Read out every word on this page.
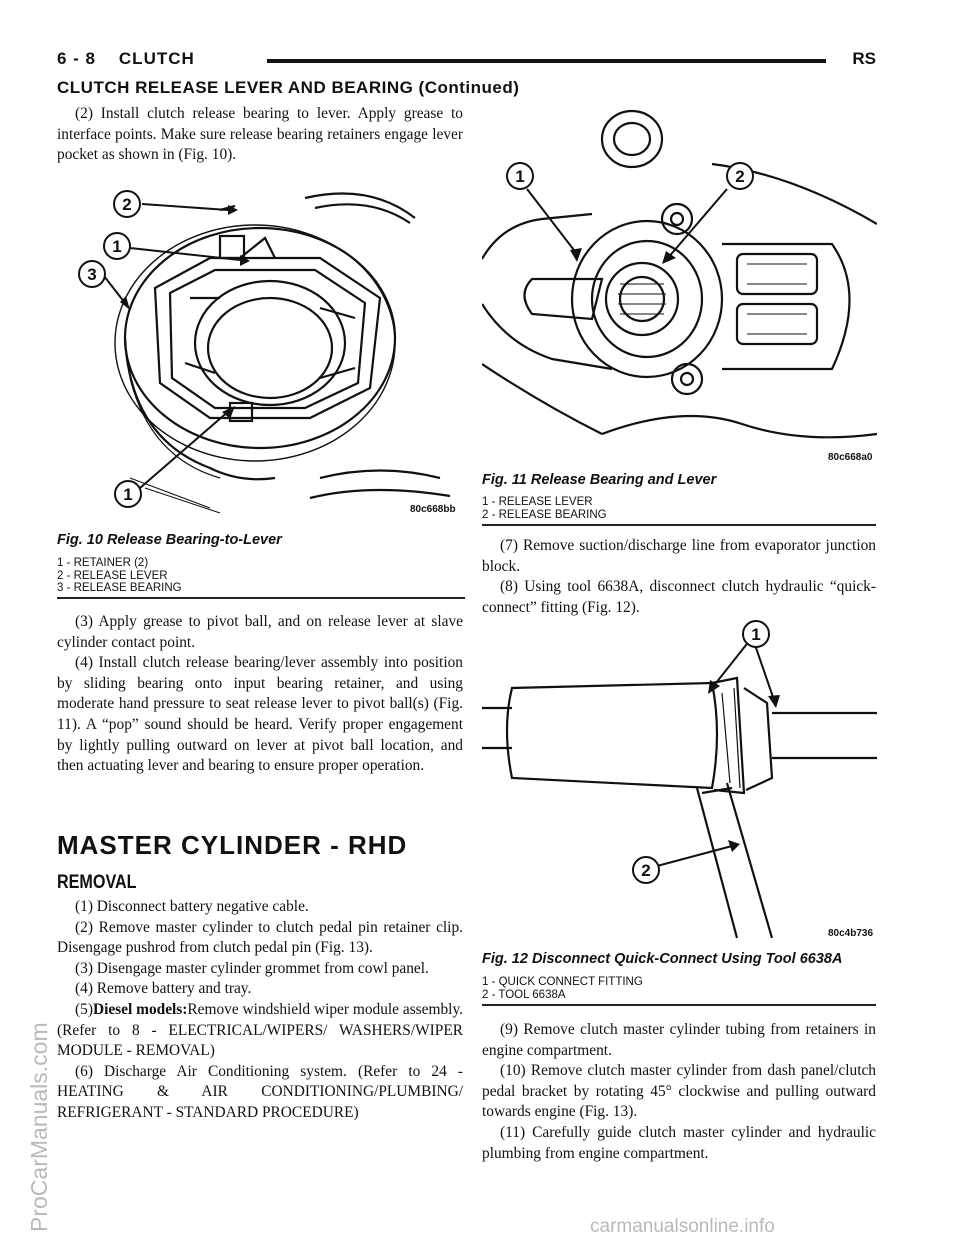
6 - 8    CLUTCH	RS
CLUTCH RELEASE LEVER AND BEARING (Continued)

(2) Install clutch release bearing to lever. Apply grease to interface points. Make sure release bearing retainers engage lever pocket as shown in (Fig. 10).

2
1
3
1
80c668bb
Fig. 10 Release Bearing-to-Lever
1 - RETAINER (2)
2 - RELEASE LEVER
3 - RELEASE BEARING

(3) Apply grease to pivot ball, and on release lever at slave cylinder contact point.

(4) Install clutch release bearing/lever assembly into position by sliding bearing onto input bearing retainer, and using moderate hand pressure to seat release lever to pivot ball(s) (Fig. 11). A “pop” sound should be heard. Verify proper engagement by lightly pulling outward on lever at pivot ball location, and then actuating lever and bearing to ensure proper operation.

MASTER CYLINDER - RHD
REMOVAL

(1) Disconnect battery negative cable.

(2) Remove master cylinder to clutch pedal pin retainer clip. Disengage pushrod from clutch pedal pin (Fig. 13).

(3) Disengage master cylinder grommet from cowl panel.

(4) Remove battery and tray.

(5)Diesel models:Remove windshield wiper module assembly. (Refer to 8 - ELECTRICAL/WIPERS/ WASHERS/WIPER MODULE - REMOVAL)

(6) Discharge Air Conditioning system. (Refer to 24 - HEATING & AIR CONDITIONING/PLUMBING/ REFRIGERANT - STANDARD PROCEDURE)

1	2
80c668a0
Fig. 11 Release Bearing and Lever
1 - RELEASE LEVER
2 - RELEASE BEARING

(7) Remove suction/discharge line from evaporator junction block.

(8) Using tool 6638A, disconnect clutch hydraulic “quick-connect” fitting (Fig. 12).

1
2
80c4b736
Fig. 12 Disconnect Quick-Connect Using Tool 6638A
1 - QUICK CONNECT FITTING
2 - TOOL 6638A

(9) Remove clutch master cylinder tubing from retainers in engine compartment.

(10) Remove clutch master cylinder from dash panel/clutch pedal bracket by rotating 45° clockwise and pulling outward towards engine (Fig. 13).

(11) Carefully guide clutch master cylinder and hydraulic plumbing from engine compartment.

ProCarManuals.com	carmanualsonline.info
